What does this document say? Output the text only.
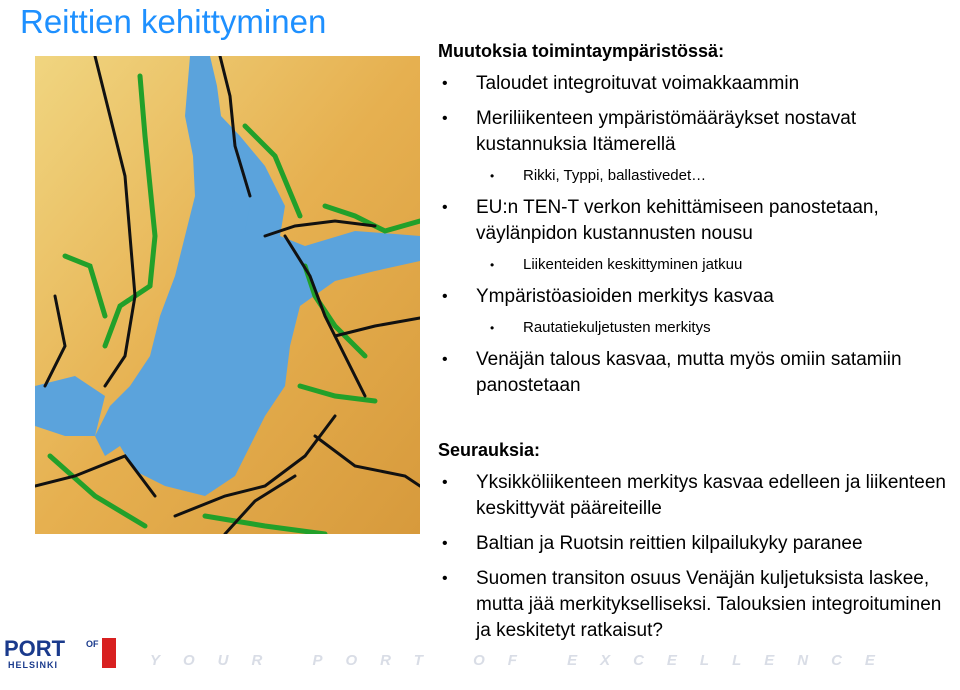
Reittien kehittyminen

Muutoksia toimintaympäristössä:

• Taloudet integroituvat voimakkaammin
• Meriliikenteen ympäristömääräykset nostavat kustannuksia Itämerellä
• Rikki, Typpi, ballastivedet…
• EU:n TEN-T verkon kehittämiseen panostetaan, väylänpidon kustannusten nousu
• Liikenteiden keskittyminen jatkuu
• Ympäristöasioiden merkitys kasvaa
• Rautatiekuljetusten merkitys
• Venäjän talous kasvaa, mutta myös omiin satamiin panostetaan

Seurauksia:

• Yksikköliikenteen merkitys kasvaa edelleen ja liikenteen keskittyvät pääreiteille
• Baltian ja Ruotsin reittien kilpailukyky paranee
• Suomen transiton osuus Venäjän kuljetuksista laskee, mutta jää merkitykselliseksi. Talouksien integroituminen ja keskitetyt ratkaisut?
PORT OF
HELSINKI	YOUR PORT OF EXCELLENCE
